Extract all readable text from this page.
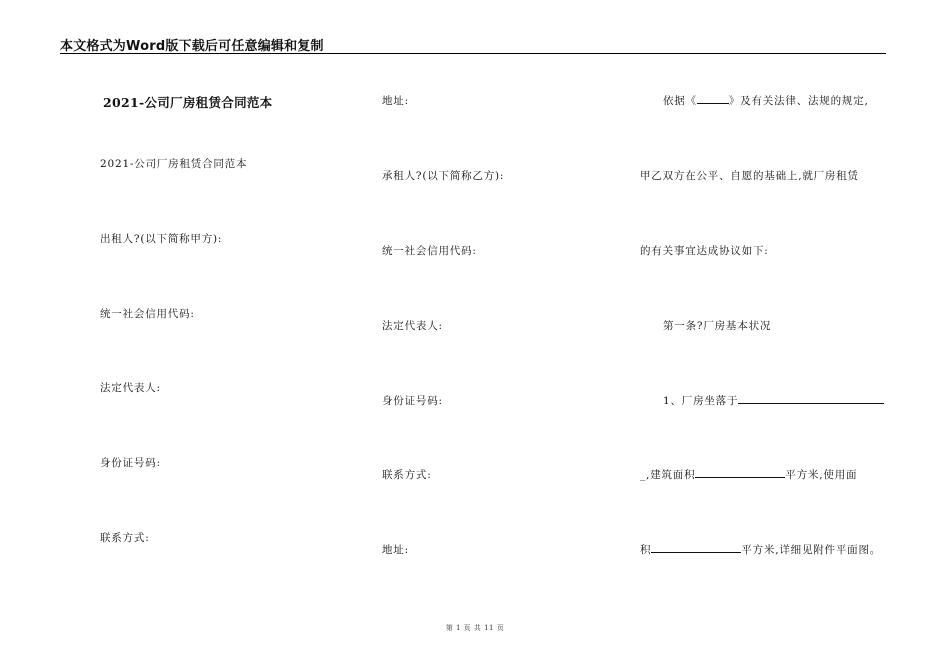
本文格式为Word版下载后可任意编辑和复制
2021-公司厂房租赁合同范本
2021-公司厂房租赁合同范本
出租人?(以下简称甲方):
统一社会信用代码:
法定代表人:
身份证号码:
联系方式:
地址:
承租人?(以下简称乙方):
统一社会信用代码:
法定代表人:
身份证号码:
联系方式:
地址:
依据《	》及有关法律、法规的规定,
甲乙双方在公平、自愿的基础上,就厂房租赁
的有关事宜达成协议如下:
第一条?厂房基本状况
1、厂房坐落于
_,建筑面积	平方米,使用面
积	平方米,详细见附件平面图。
第 1 页 共 11 页
